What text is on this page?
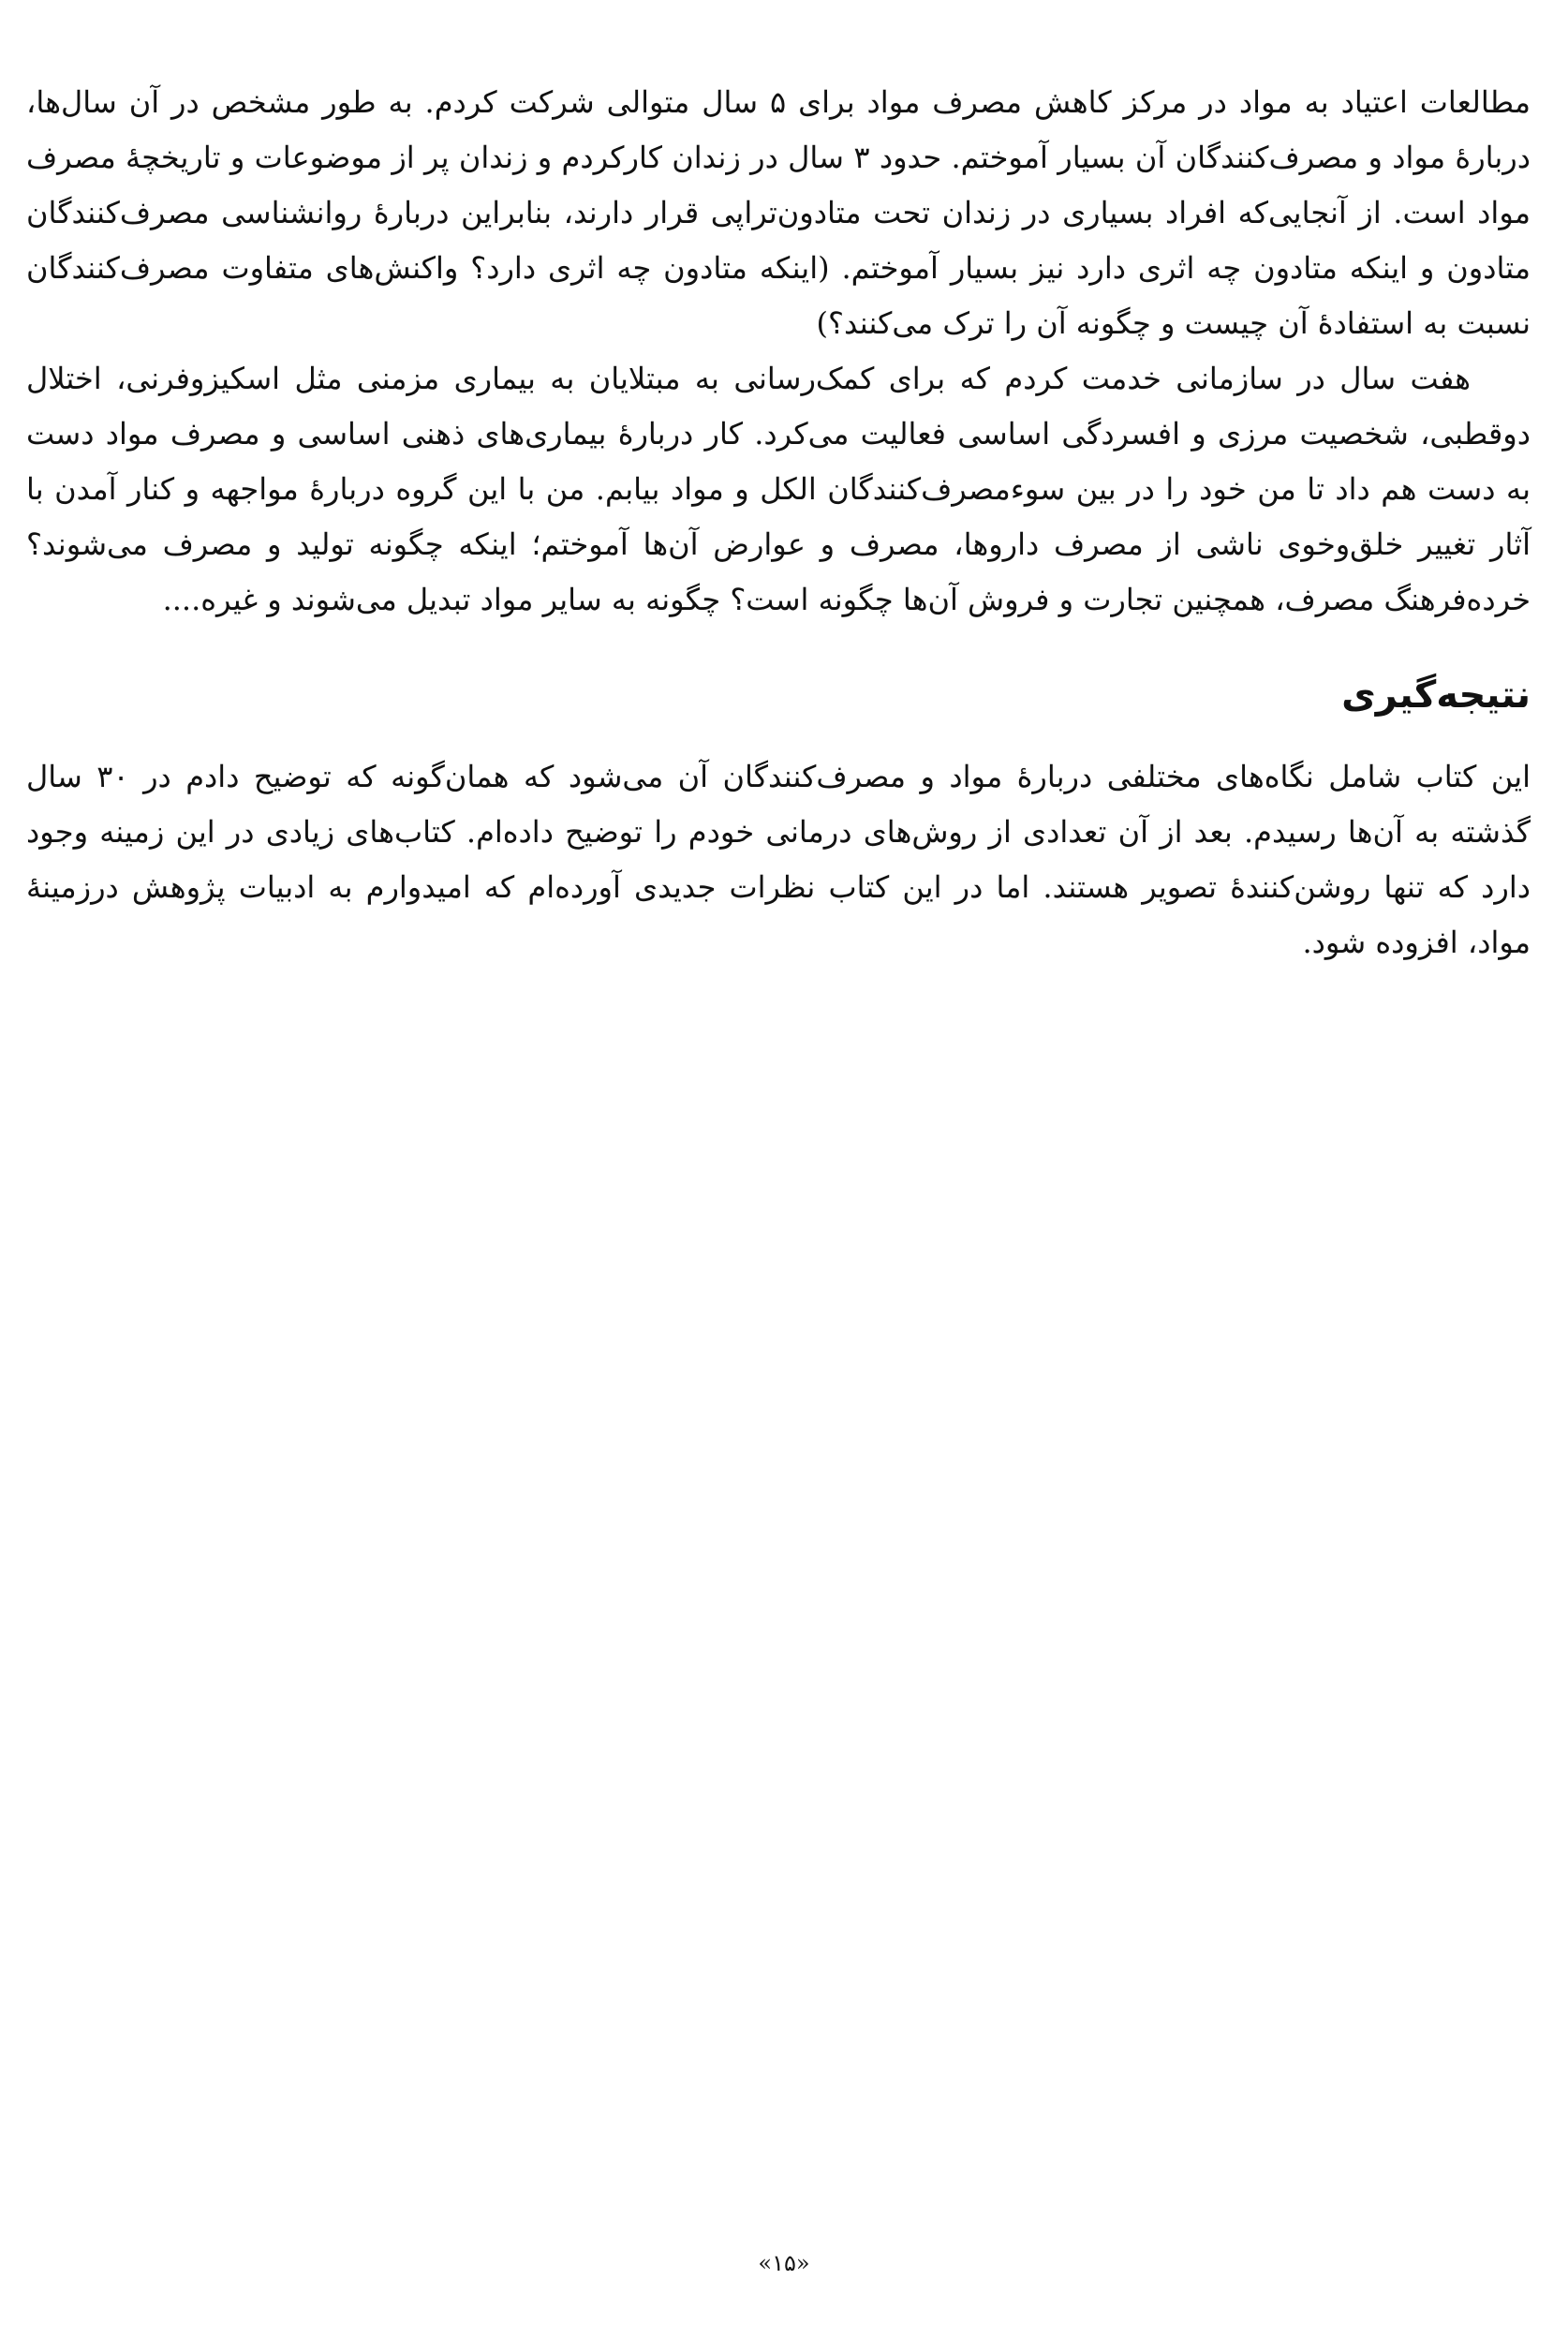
مطالعات اعتیاد به مواد در مرکز کاهش مصرف مواد برای ۵ سال متوالی شرکت کردم. به طور مشخص در آن سال‌ها، دربارهٔ مواد و مصرف‌کنندگان آن بسیار آموختم. حدود ۳ سال در زندان کارکردم و زندان پر از موضوعات و تاریخچهٔ مصرف مواد است. از آنجایی‌که افراد بسیاری در زندان تحت متادون‌تراپی قرار دارند، بنابراین دربارهٔ روانشناسی مصرف‌کنندگان متادون و اینکه متادون چه اثری دارد نیز بسیار آموختم. (اینکه متادون چه اثری دارد؟ واکنش‌های متفاوت مصرف‌کنندگان نسبت به استفادهٔ آن چیست و چگونه آن را ترک می‌کنند؟)

هفت سال در سازمانی خدمت کردم که برای کمک‌رسانی به مبتلایان به بیماری مزمنی مثل اسکیزوفرنی، اختلال دوقطبی، شخصیت مرزی و افسردگی اساسی فعالیت می‌کرد. کار دربارهٔ بیماری‌های ذهنی اساسی و مصرف مواد دست به دست هم داد تا من خود را در بین سوءمصرف‌کنندگان الکل و مواد بیابم. من با این گروه دربارهٔ مواجهه و کنار آمدن با آثار تغییر خلق‌وخوی ناشی از مصرف داروها، مصرف و عوارض آن‌ها آموختم؛ اینکه چگونه تولید و مصرف می‌شوند؟ خرده‌فرهنگ مصرف، همچنین تجارت و فروش آن‌ها چگونه است؟ چگونه به سایر مواد تبدیل می‌شوند و غیره....

نتیجه‌گیری

این کتاب شامل نگاه‌های مختلفی دربارهٔ مواد و مصرف‌کنندگان آن می‌شود که همان‌گونه که توضیح دادم در ۳۰ سال گذشته به آن‌ها رسیدم. بعد از آن تعدادی از روش‌های درمانی خودم را توضیح داده‌ام. کتاب‌های زیادی در این زمینه وجود دارد که تنها روشن‌کنندهٔ تصویر هستند. اما در این کتاب نظرات جدیدی آورده‌ام که امیدوارم به ادبیات پژوهش درزمینهٔ مواد، افزوده شود.

«۱۵»
